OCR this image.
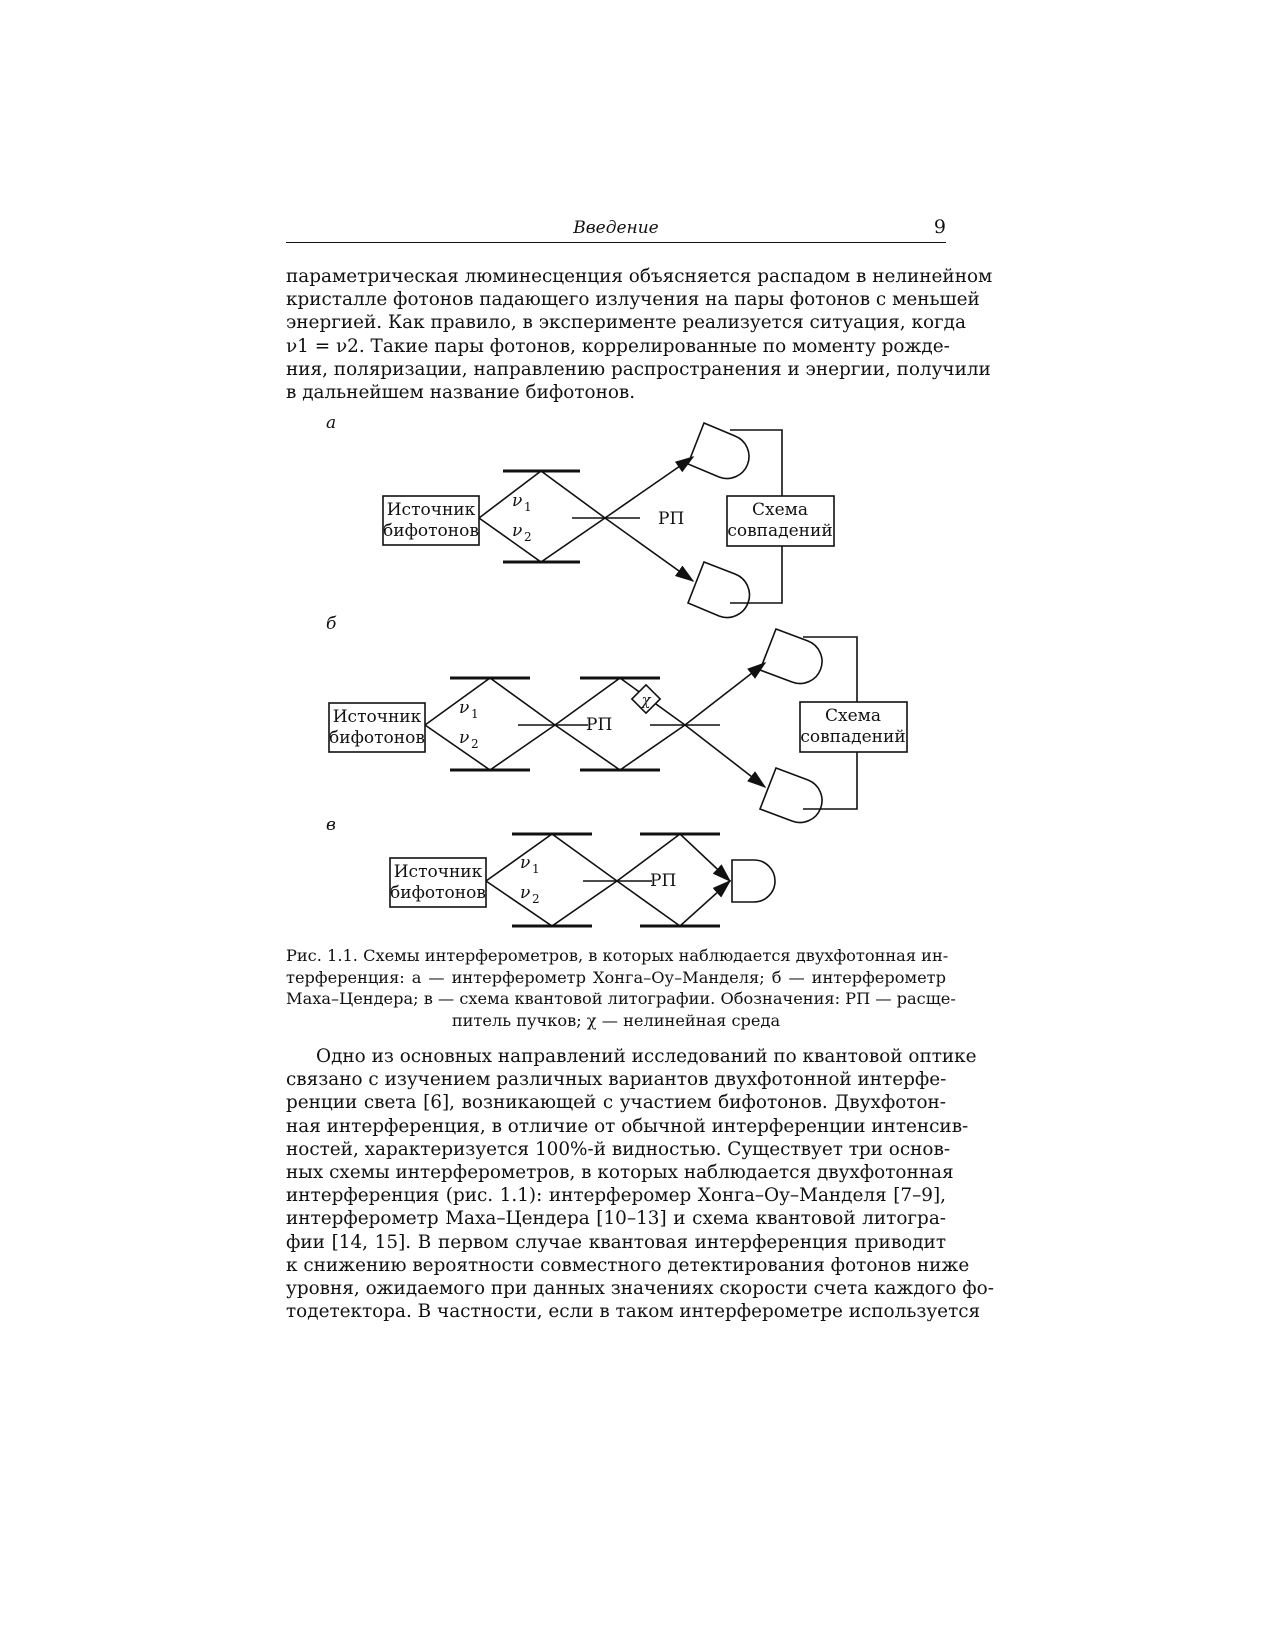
Введение	9

параметрическая люминесценция объясняется распадом в нелинейном
кристалле фотонов падающего излучения на пары фотонов с меньшей
энергией. Как правило, в эксперименте реализуется ситуация, когда
ν1 = ν2. Такие пары фотонов, коррелированные по моменту рожде-
ния, поляризации, направлению распространения и энергии, получили
в дальнейшем название бифотонов.

Источник
бифотонов
ν 1
ν 2
РП	Схема
совпадений
Источник
бифотонов
ν 1
ν 2
РП
χ
Схема
совпадений
Источник
бифотонов
ν 1
ν 2
РП
а
б
в

Рис. 1.1. Схемы интерферометров, в которых наблюдается двухфотонная ин-
терференция: а — интерферометр Хонга–Оу–Манделя; б — интерферометр
Маха–Цендера; в — схема квантовой литографии. Обозначения: РП — расще-
питель пучков; χ — нелинейная среда

Одно из основных направлений исследований по квантовой оптике
связано с изучением различных вариантов двухфотонной интерфе-
ренции света [6], возникающей с участием бифотонов. Двухфотон-
ная интерференция, в отличие от обычной интерференции интенсив-
ностей, характеризуется 100%-й видностью. Существует три основ-
ных схемы интерферометров, в которых наблюдается двухфотонная
интерференция (рис. 1.1): интерферомер Хонга–Оу–Манделя [7–9],
интерферометр Маха–Цендера [10–13] и схема квантовой литогра-
фии [14, 15]. В первом случае квантовая интерференция приводит
к снижению вероятности совместного детектирования фотонов ниже
уровня, ожидаемого при данных значениях скорости счета каждого фо-
тодетектора. В частности, если в таком интерферометре используется
